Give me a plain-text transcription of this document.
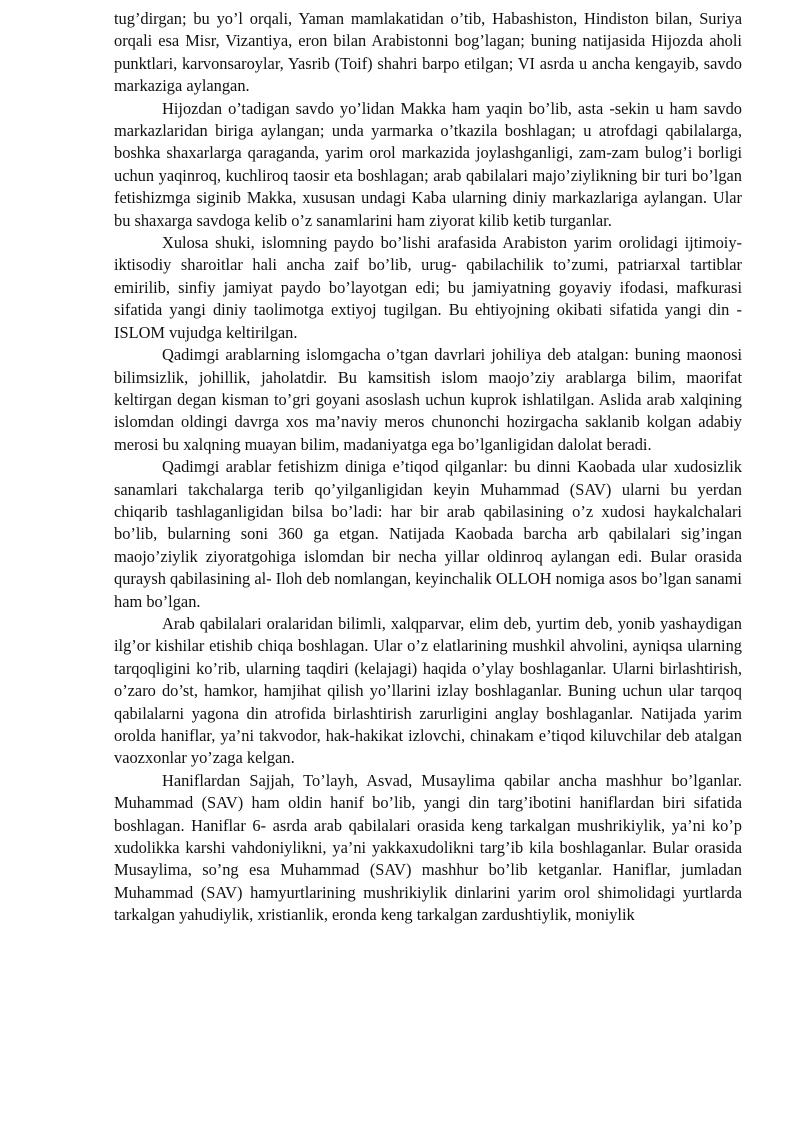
tug’dirgan; bu yo’l orqali, Yaman mamlakatidan o’tib, Habashiston, Hindiston bilan, Suriya orqali esa Misr, Vizantiya, eron bilan Arabistonni bog’lagan; buning natijasida Hijozda aholi punktlari, karvonsaroylar, Yasrib (Toif) shahri barpo etilgan; VI asrda u ancha kengayib, savdo markaziga aylangan.

Hijozdan o’tadigan savdo yo’lidan Makka ham yaqin bo’lib, asta -sekin u ham savdo markazlaridan biriga aylangan; unda yarmarka o’tkazila boshlagan; u atrofdagi qabilalarga, boshka shaxarlarga qaraganda, yarim orol markazida joylashganligi, zam-zam bulog’i borligi uchun yaqinroq, kuchliroq taosir eta boshlagan; arab qabilalari majo’ziylikning bir turi bo’lgan fetishizmga siginib Makka, xususan undagi Kaba ularning diniy markazlariga aylangan. Ular bu shaxarga savdoga kelib o’z sanamlarini ham ziyorat kilib ketib turganlar.

Xulosa shuki, islomning paydo bo’lishi arafasida Arabiston yarim orolidagi ijtimoiy- iktisodiy sharoitlar hali ancha zaif bo’lib, urug- qabilachilik to’zumi, patriarxal tartiblar emirilib, sinfiy jamiyat paydo bo’layotgan edi; bu jamiyatning goyaviy ifodasi, mafkurasi sifatida yangi diniy taolimotga extiyoj tugilgan. Bu ehtiyojning okibati sifatida yangi din - ISLOM vujudga keltirilgan.

Qadimgi arablarning islomgacha o’tgan davrlari johiliya deb atalgan: buning maonosi bilimsizlik, johillik, jaholatdir. Bu kamsitish islom maojo’ziy arablarga bilim, maorifat keltirgan degan kisman to’gri goyani asoslash uchun kuprok ishlatilgan. Aslida arab xalqining islomdan oldingi davrga xos ma’naviy meros chunonchi hozirgacha saklanib kolgan adabiy merosi bu xalqning muayan bilim, madaniyatga ega bo’lganligidan dalolat beradi.

Qadimgi arablar fetishizm diniga e’tiqod qilganlar: bu dinni Kaobada ular xudosizlik sanamlari takchalarga terib qo’yilganligidan keyin Muhammad (SAV) ularni bu yerdan chiqarib tashlaganligidan bilsa bo’ladi: har bir arab qabilasining o’z xudosi haykalchalari bo’lib, bularning soni 360 ga etgan. Natijada Kaobada barcha arb qabilalari sig’ingan maojo’ziylik ziyoratgohiga islomdan bir necha yillar oldinroq aylangan edi. Bular orasida quraysh qabilasining al- Iloh deb nomlangan, keyinchalik OLLOH nomiga asos bo’lgan sanami ham bo’lgan.

Arab qabilalari oralaridan bilimli, xalqparvar, elim deb, yurtim deb, yonib yashaydigan ilg’or kishilar etishib chiqa boshlagan. Ular o’z elatlarining mushkil ahvolini, ayniqsa ularning tarqoqligini ko’rib, ularning taqdiri (kelajagi) haqida o’ylay boshlaganlar. Ularni birlashtirish, o’zaro do’st, hamkor, hamjihat qilish yo’llarini izlay boshlaganlar. Buning uchun ular tarqoq qabilalarni yagona din atrofida birlashtirish zarurligini anglay boshlaganlar. Natijada yarim orolda haniflar, ya’ni takvodor, hak-hakikat izlovchi, chinakam e’tiqod kiluvchilar deb atalgan vaozxonlar yo’zaga kelgan.

Haniflardan Sajjah, To’layh, Asvad, Musaylima qabilar ancha mashhur bo’lganlar. Muhammad (SAV) ham oldin hanif bo’lib, yangi din targ’ibotini haniflardan biri sifatida boshlagan. Haniflar 6- asrda arab qabilalari orasida keng tarkalgan mushrikiylik, ya’ni ko’p xudolikka karshi vahdoniylikni, ya’ni yakkaxudolikni targ’ib kila boshlaganlar. Bular orasida Musaylima, so’ng esa Muhammad (SAV) mashhur bo’lib ketganlar. Haniflar, jumladan Muhammad (SAV) hamyurtlarining mushrikiylik dinlarini yarim orol shimolidagi yurtlarda tarkalgan yahudiylik, xristianlik, eronda keng tarkalgan zardushtiylik, moniylik
